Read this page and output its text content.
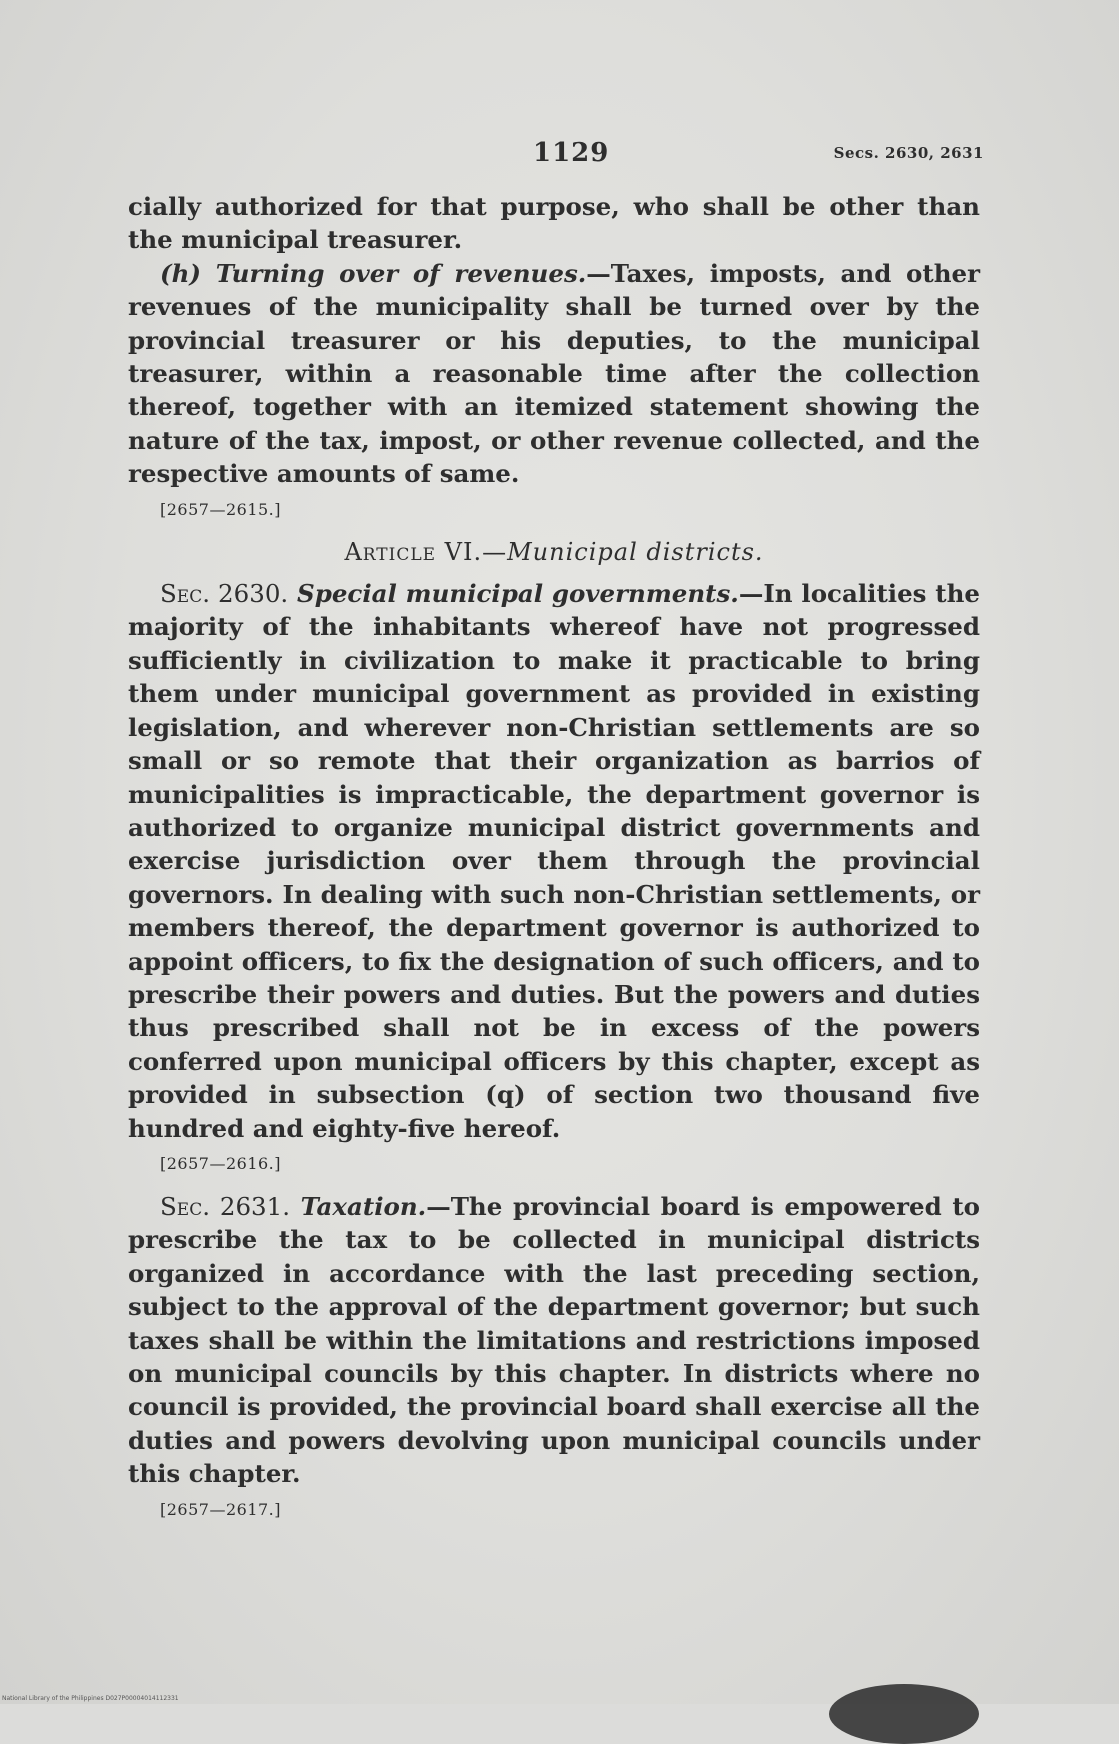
1129	Secs. 2630, 2631

cially authorized for that purpose, who shall be other than the municipal treasurer.

(h) Turning over of revenues.—Taxes, imposts, and other revenues of the municipality shall be turned over by the provincial treasurer or his deputies, to the municipal treasurer, within a reasonable time after the collection thereof, together with an itemized statement showing the nature of the tax, impost, or other revenue collected, and the respective amounts of same.

[2657—2615.]

Article VI.—Municipal districts.

Sec. 2630. Special municipal governments.—In localities the majority of the inhabitants whereof have not progressed sufficiently in civilization to make it practicable to bring them under municipal government as provided in existing legislation, and wherever non-Christian settlements are so small or so remote that their organization as barrios of municipalities is impracticable, the department governor is authorized to organize municipal district governments and exercise jurisdiction over them through the provincial governors. In dealing with such non-Christian settlements, or members thereof, the department governor is authorized to appoint officers, to fix the designation of such officers, and to prescribe their powers and duties. But the powers and duties thus prescribed shall not be in excess of the powers conferred upon municipal officers by this chapter, except as provided in subsection (q) of section two thousand five hundred and eighty-five hereof.

[2657—2616.]

Sec. 2631. Taxation.—The provincial board is empowered to prescribe the tax to be collected in municipal districts organized in accordance with the last preceding section, subject to the approval of the department governor; but such taxes shall be within the limitations and restrictions imposed on municipal councils by this chapter. In districts where no council is provided, the provincial board shall exercise all the duties and powers devolving upon municipal councils under this chapter.

[2657—2617.]

National Library of the Philippines D027P00004014112331
